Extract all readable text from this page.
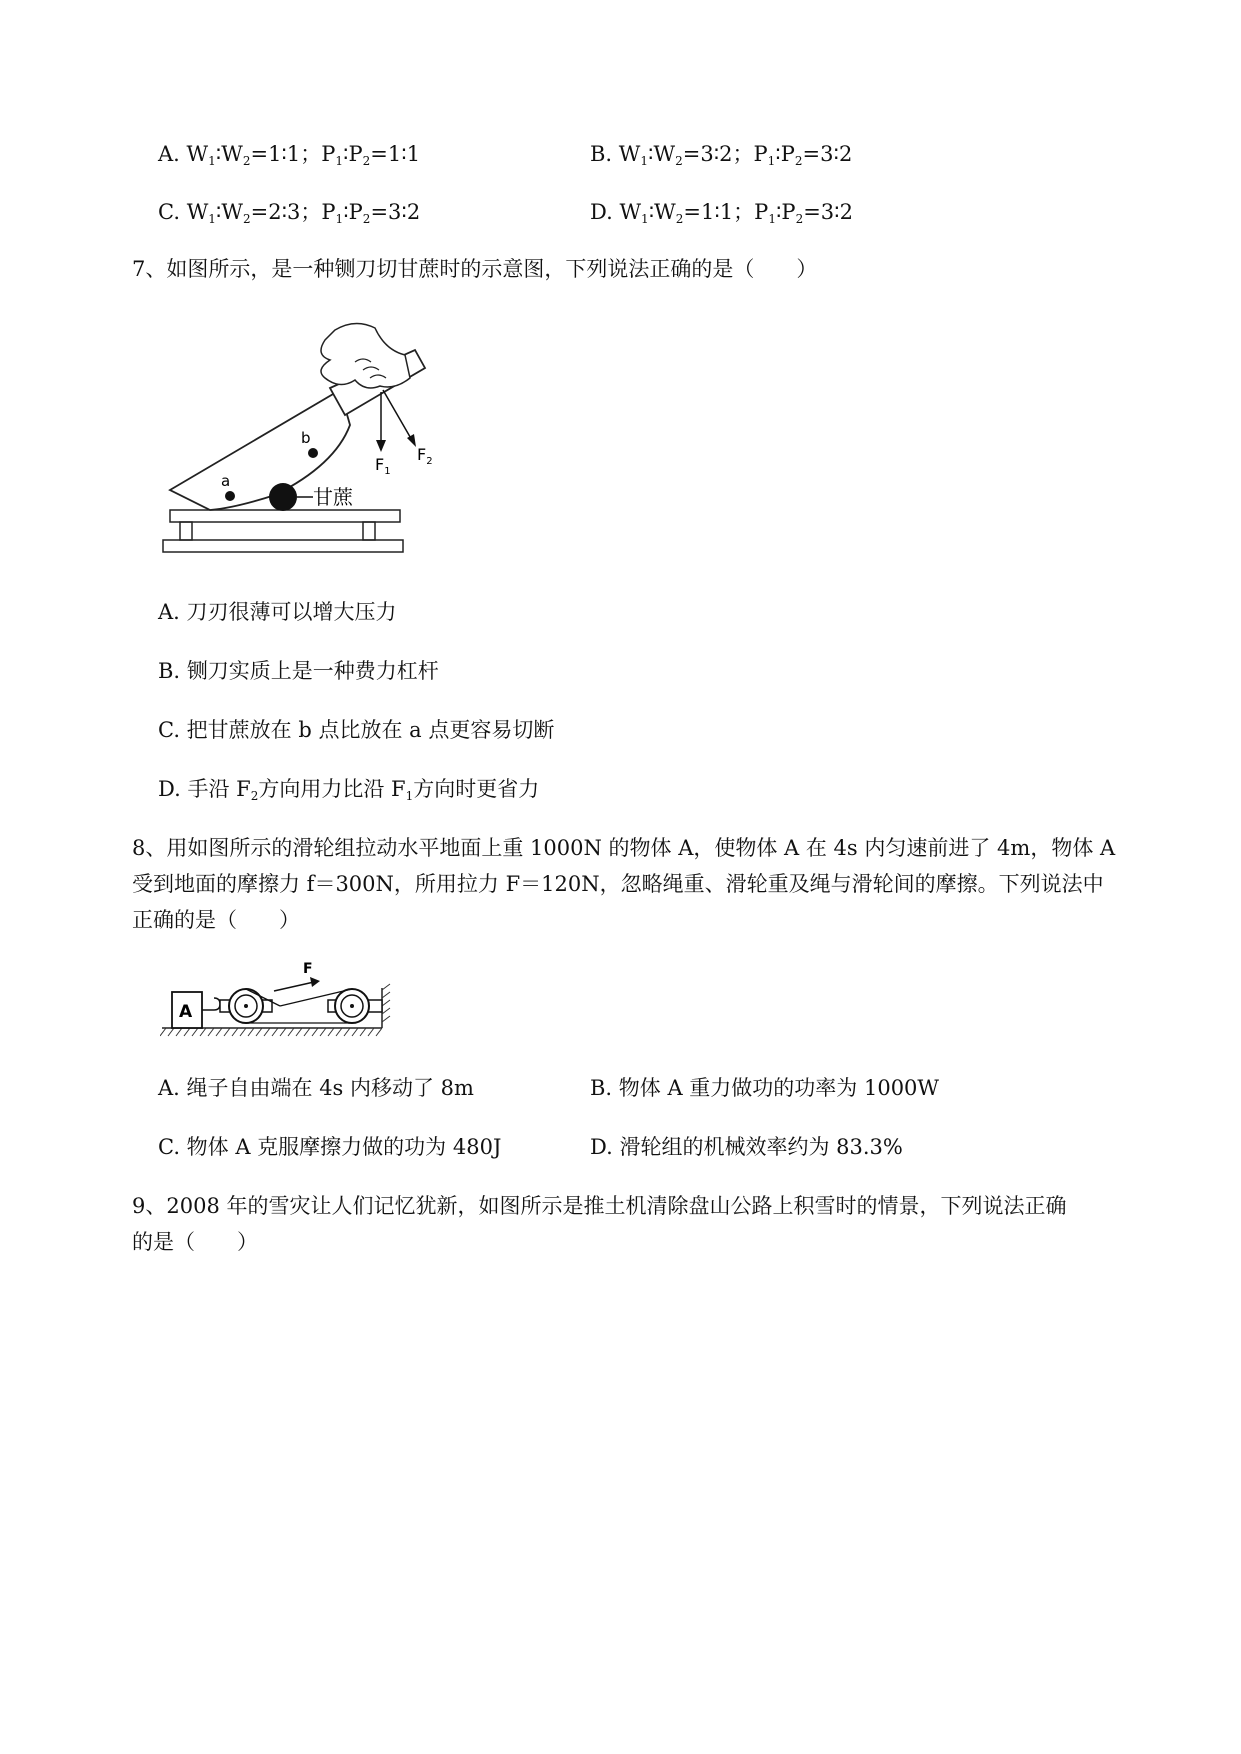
A. $W_1∶W_2=1∶1$；$P_1∶P_2=1∶1$	B. $W_1∶W_2=3∶2$；$P_1∶P_2=3∶2$
C. $W_1∶W_2=2∶3$；$P_1∶P_2=3∶2$	D. $W_1∶W_2=1∶1$；$P_1∶P_2=3∶2$
7、如图所示，是一种铡刀切甘蔗时的示意图，下列说法正确的是（　　）
a
b
甘蔗
$F_1$
$F_2$
A. 刀刃很薄可以增大压力
B. 铡刀实质上是一种费力杠杆
C. 把甘蔗放在 b 点比放在 a 点更容易切断
D. 手沿 $F_2$方向用力比沿 $F_1$方向时更省力
8、用如图所示的滑轮组拉动水平地面上重 1000N 的物体 A，使物体 A 在 4s 内匀速前进了 4m，物体 A
受到地面的摩擦力 f＝300N，所用拉力 F＝120N，忽略绳重、滑轮重及绳与滑轮间的摩擦。下列说法中
正确的是（　　）
A
F
A. 绳子自由端在 4s 内移动了 8m	B. 物体 A 重力做功的功率为 1000W
C. 物体 A 克服摩擦力做的功为 480J	D. 滑轮组的机械效率约为 83.3%
9、2008 年的雪灾让人们记忆犹新，如图所示是推土机清除盘山公路上积雪时的情景，下列说法正确
的是（　　）
